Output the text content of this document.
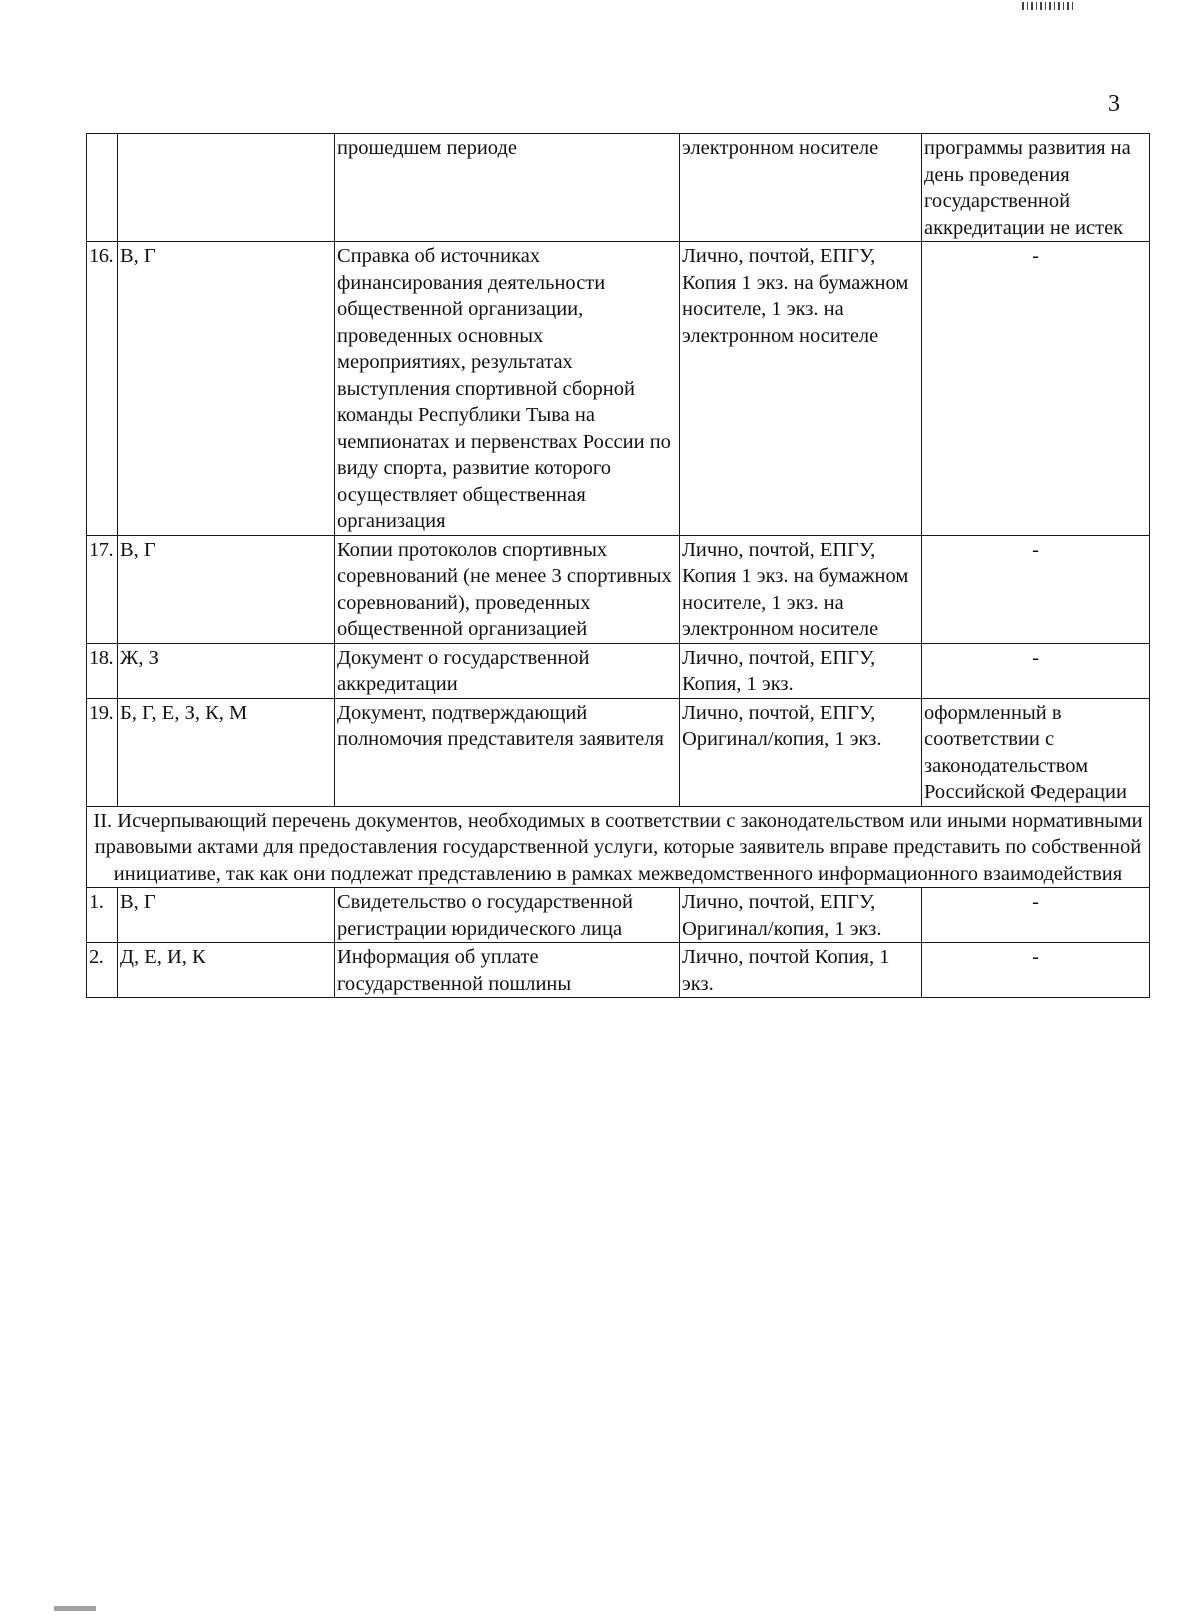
3
		прошедшем периоде	электронном носителе	программы развития на день проведения государственной аккредитации не истек
16.	В, Г	Справка об источниках финансирования деятельности общественной организации, проведенных основных мероприятиях, результатах выступления спортивной сборной команды Республики Тыва на чемпионатах и первенствах России по виду спорта, развитие которого осуществляет общественная организация	Лично, почтой, ЕПГУ, Копия 1 экз. на бумажном носителе, 1 экз. на электронном носителе	-
17.	В, Г	Копии протоколов спортивных соревнований (не менее 3 спортивных соревнований), проведенных общественной организацией	Лично, почтой, ЕПГУ, Копия 1 экз. на бумажном носителе, 1 экз. на электронном носителе	-
18.	Ж, З	Документ о государственной аккредитации	Лично, почтой, ЕПГУ, Копия, 1 экз.	-
19.	Б, Г, Е, З, К, М	Документ, подтверждающий полномочия представителя заявителя	Лично, почтой, ЕПГУ, Оригинал/копия, 1 экз.	оформленный в соответствии с законодательством Российской Федерации
II. Исчерпывающий перечень документов, необходимых в соответствии с законодательством или иными нормативными правовыми актами для предоставления государственной услуги, которые заявитель вправе представить по собственной инициативе, так как они подлежат представлению в рамках межведомственного информационного взаимодействия				
1.	В, Г	Свидетельство о государственной регистрации юридического лица	Лично, почтой, ЕПГУ, Оригинал/копия, 1 экз.	-
2.	Д, Е, И, К	Информация об уплате государственной пошлины	Лично, почтой Копия, 1 экз.	-
